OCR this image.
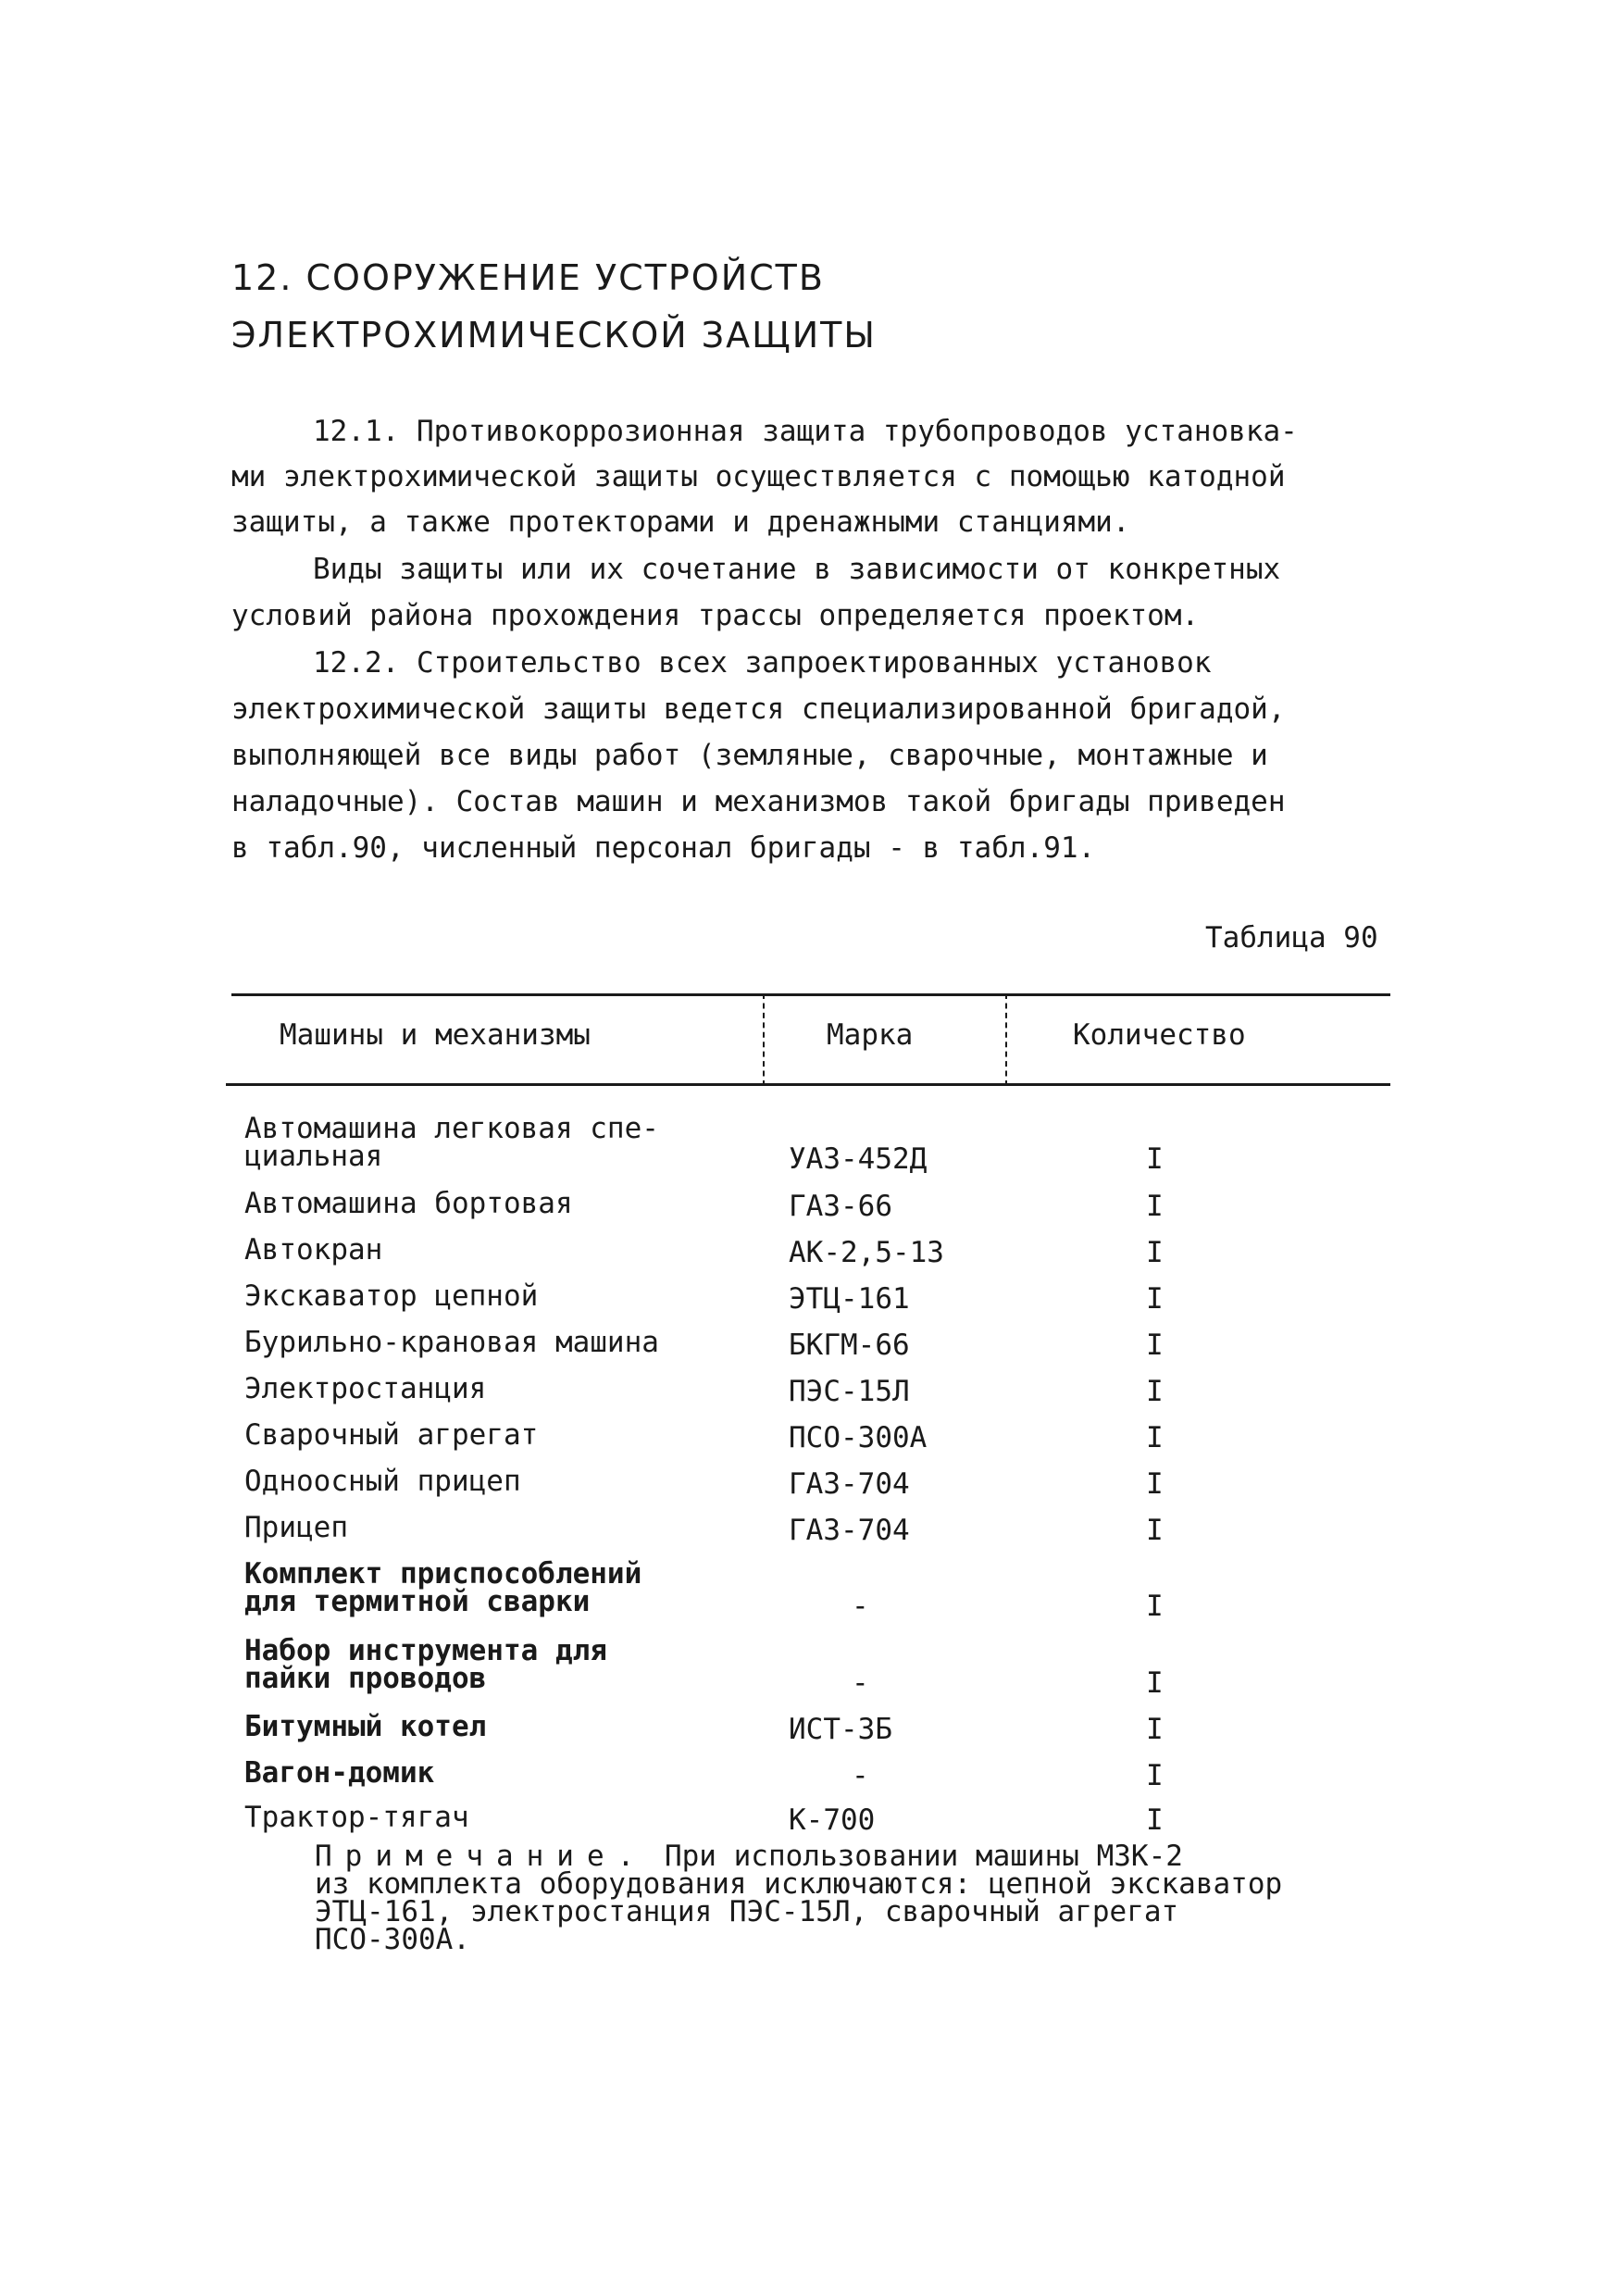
12. СООРУЖЕНИЕ УСТРОЙСТВ
ЭЛЕКТРОХИМИЧЕСКОЙ ЗАЩИТЫ
12.1. Противокоррозионная защита трубопроводов установка-
ми электрохимической защиты осуществляется с помощью катодной
защиты, а также протекторами и дренажными станциями.
Виды защиты или их сочетание в зависимости от конкретных
условий района прохождения трассы определяется проектом.
12.2. Строительство всех запроектированных установок
электрохимической защиты ведется специализированной бригадой,
выполняющей все виды работ (земляные, сварочные, монтажные и
наладочные). Состав машин и механизмов такой бригады приведен
в табл.90, численный персонал бригады - в табл.91.
Таблица 90
Машины и механизмы	Марка	Количество
Автомашина легковая спе-
циальная	УАЗ-452Д	I
Автомашина бортовая	ГАЗ-66	I
Автокран	АК-2,5-13	I
Экскаватор цепной	ЭТЦ-161	I
Бурильно-крановая машина	БКГМ-66	I
Электростанция	ПЭС-15Л	I
Сварочный агрегат	ПСО-300А	I
Одноосный прицеп	ГАЗ-704	I
Прицеп	ГАЗ-704	I
Комплект приспособлений
для термитной сварки	-	I
Набор инструмента для
пайки проводов	-	I
Битумный котел	ИСТ-3Б	I
Вагон-домик	-	I
Трактор-тягач	К-700	I
Примечание. При использовании машины МЗК-2
из комплекта оборудования исключаются: цепной экскаватор
ЭТЦ-161, электростанция ПЭС-15Л, сварочный агрегат
ПСО-300А.
